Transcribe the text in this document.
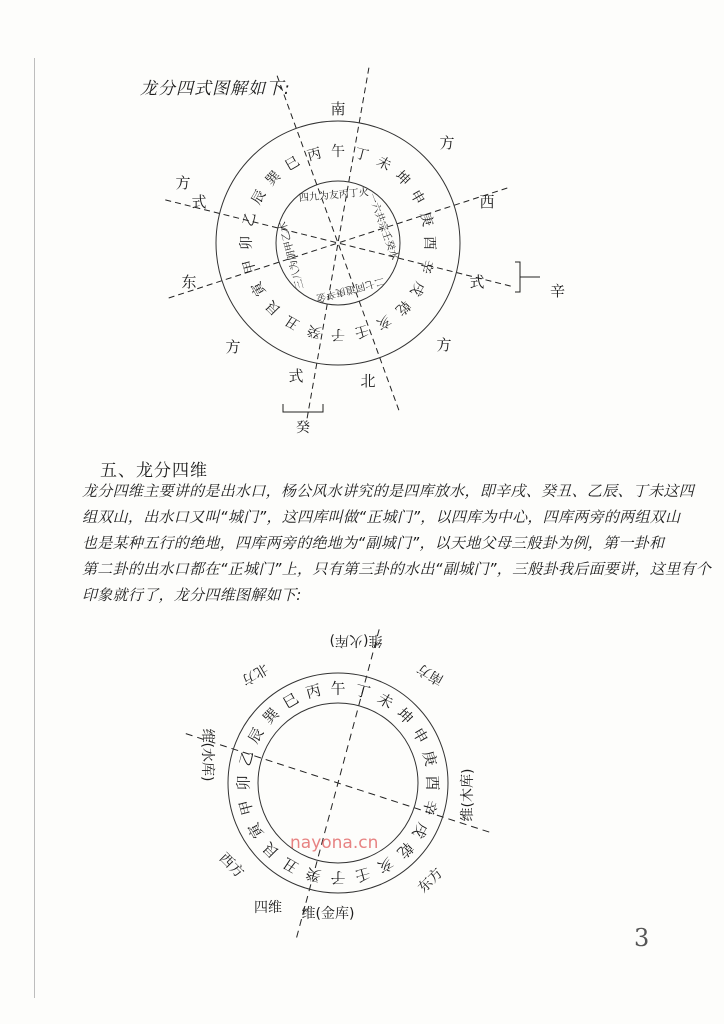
龙分四式图解如下:
午 丁 未
坤
申
庚
酉
辛
戌
乾
亥
壬
子
癸
丑
艮
寅
甲
卯
乙
辰
巽
巳 丙
四九为友丙丁火
一六共宗壬癸水
二七同道庚辛金
三八为朋甲乙木
南
东
西
北
方
方
方	方
式
式
式	辛
癸
五、龙分四维
龙分四维主要讲的是出水口，杨公风水讲究的是四库放水，即辛戌、癸丑、乙辰、丁未这四
组双山，出水口又叫“城门”，这四库叫做“正城门”，以四库为中心，四库两旁的两组双山
也是某种五行的绝地，四库两旁的绝地为“副城门”，以天地父母三般卦为例，第一卦和
第二卦的出水口都在“正城门”上，只有第三卦的水出“副城门”，三般卦我后面要讲，这里有个
印象就行了，龙分四维图解如下:
午 丁 未
坤
申
庚
酉
辛
戌
乾
亥
壬
子
癸
丑
艮
寅
甲
卯
乙
辰
巽
巳 丙
维(火库)
维(金库)
维(水库)
维(木库)
北方	南方
西方	东方
四维
nayona.cn
3
